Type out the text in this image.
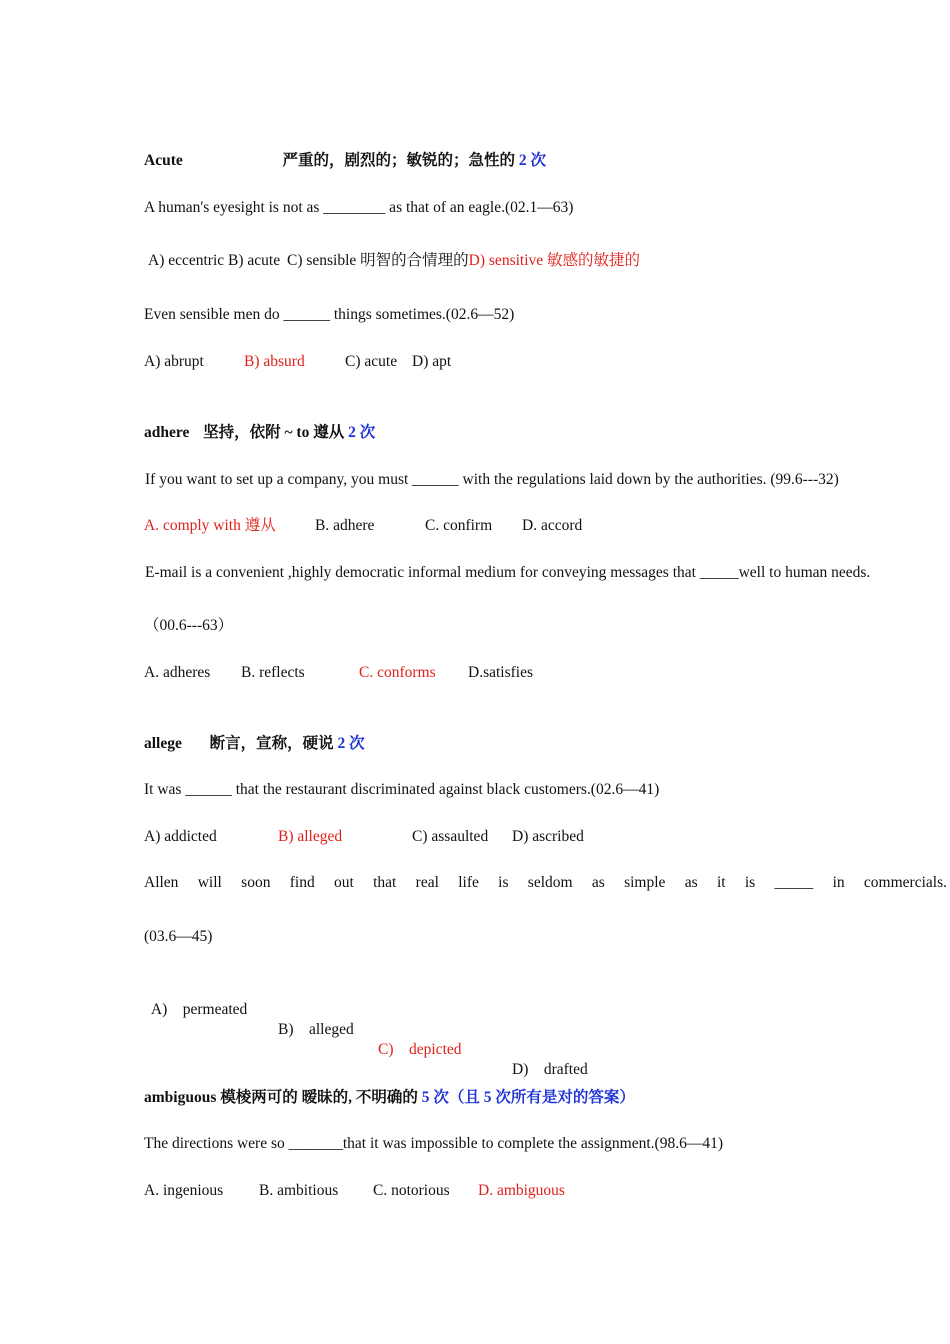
Acute	严重的，剧烈的；敏锐的；急性的 2 次
A human's eyesight is not as ________ as that of an eagle.(02.1—63)
A) eccentric B) acute C) sensible 明智的合情理的D) sensitive 敏感的敏捷的
Even sensible men do ______ things sometimes.(02.6—52)
A) abrupt	B) absurd	C) acute D) apt
adhere 坚持，依附 ~ to 遵从 2 次
If you want to set up a company, you must ______ with the regulations laid down by the authorities. (99.6---32)
A. comply with 遵从	B. adhere	C. confirm D. accord
E-mail is a convenient ,highly democratic informal medium for conveying messages that _____well to human needs.
（00.6---63）
A. adheres B. reflects	C. conforms D.satisfies
allege 断言，宣称，硬说 2 次
It was ______ that the restaurant discriminated against black customers.(02.6—41)
A) addicted	B) alleged	C) assaulted D) ascribed
Allen will soon find out that real life is seldom as simple as it is _____ in commercials.
(03.6—45)

A)    permeated

B)    alleged

C)    depicted

D)    drafted

ambiguous 模棱两可的 暧昧的, 不明确的 5 次（且 5 次所有是对的答案）
The directions were so _______that it was impossible to complete the assignment.(98.6—41)
A. ingenious B. ambitious C. notorious D. ambiguous
